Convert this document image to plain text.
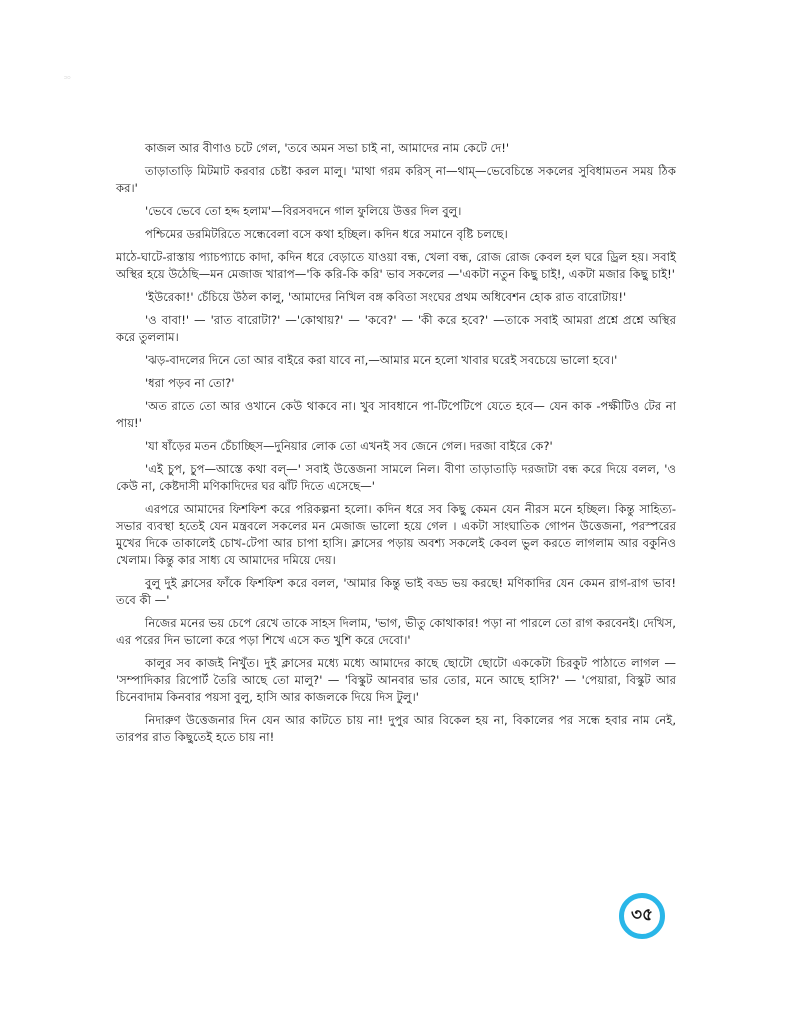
၁၀

কাজল আর বীণাও চটে গেল, 'তবে অমন সভা চাই না, আমাদের নাম কেটে দে!'

তাড়াতাড়ি মিটমাট করবার চেষ্টা করল মালু। 'মাথা গরম করিস্ না—থাম্—ভেবেচিন্তে সকলের সুবিধামতন সময় ঠিক কর।'

'ভেবে ভেবে তো হদ্দ হলাম'—বিরসবদনে গাল ফুলিয়ে উত্তর দিল বুলু।

পশ্চিমের ডরমিটরিতে সন্ধেবেলা বসে কথা হচ্ছিল। কদিন ধরে সমানে বৃষ্টি চলছে।

মাঠে-ঘাটে-রাস্তায় প্যাচপ্যাচে কাদা, কদিন ধরে বেড়াতে যাওয়া বন্ধ, খেলা বন্ধ, রোজ রোজ কেবল হল ঘরে ড্রিল হয়। সবাই অস্থির হয়ে উঠেছি—মন মেজাজ খারাপ—'কি করি-কি করি' ভাব সকলের —'একটা নতুন কিছু চাই!, একটা মজার কিছু চাই!'

'ইউরেকা!' চেঁচিয়ে উঠল কালু, 'আমাদের নিখিল বঙ্গ কবিতা সংঘের প্রথম অধিবেশন হোক রাত বারোটায়!'

'ও বাবা!' — 'রাত বারোটা?' —'কোথায়?' — 'কবে?' — 'কী করে হবে?' —তাকে সবাই আমরা প্রশ্নে প্রশ্নে অস্থির করে তুললাম।

'ঝড়-বাদলের দিনে তো আর বাইরে করা যাবে না,—আমার মনে হলো খাবার ঘরেই সবচেয়ে ভালো হবে।'

'ধরা পড়ব না তো?'

'অত রাতে তো আর ওখানে কেউ থাকবে না। খুব সাবধানে পা-টিপেটিপে যেতে হবে— যেন কাক -পক্ষীটিও টের না পায়!'

'যা ষাঁড়ের মতন চেঁচাচ্ছিস—দুনিয়ার লোক তো এখনই সব জেনে গেল। দরজা বাইরে কে?'

'এই চুপ, চুপ—আস্তে কথা বল্—' সবাই উত্তেজনা সামলে নিল। বীণা তাড়াতাড়ি দরজাটা বন্ধ করে দিয়ে বলল, 'ও কেউ না, কেষ্টদাসী মণিকাদিদের ঘর ঝাঁট দিতে এসেছে—'

এরপরে আমাদের ফিশফিশ করে পরিকল্পনা হলো। কদিন ধরে সব কিছু কেমন যেন নীরস মনে হচ্ছিল। কিন্তু সাহিত্য-সভার ব্যবস্থা হতেই যেন মন্ত্রবলে সকলের মন মেজাজ ভালো হয়ে গেল । একটা সাংঘাতিক গোপন উত্তেজনা, পরস্পরের মুখের দিকে তাকালেই চোখ-টেপা আর চাপা হাসি। ক্লাসের পড়ায় অবশ্য সকলেই কেবল ভুল করতে লাগলাম আর বকুনিও খেলাম। কিন্তু কার সাধ্য যে আমাদের দমিয়ে দেয়।

বুলু দুই ক্লাসের ফাঁকে ফিশফিশ করে বলল, 'আমার কিন্তু ভাই বড্ড ভয় করছে! মণিকাদির যেন কেমন রাগ-রাগ ভাব! তবে কী —'

নিজের মনের ভয় চেপে রেখে তাকে সাহস দিলাম, 'ভাগ, ভীতু কোথাকার! পড়া না পারলে তো রাগ করবেনই। দেখিস, এর পরের দিন ভালো করে পড়া শিখে এসে কত খুশি করে দেবো।'

কালুর সব কাজই নিখুঁত। দুই ক্লাসের মধ্যে মধ্যে আমাদের কাছে ছোটো ছোটো এককেটা চিরকুট পাঠাতে লাগল — 'সম্পাদিকার রিপোর্ট তৈরি আছে তো মালু?' — 'বিস্কুট আনবার ভার তোর, মনে আছে হাসি?' — 'পেয়ারা, বিস্কুট আর চিনেবাদাম কিনবার পয়সা বুলু, হাসি আর কাজলকে দিয়ে দিস টুলু।'

নিদারুণ উত্তেজনার দিন যেন আর কাটতে চায় না! দুপুর আর বিকেল হয় না, বিকালের পর সন্ধে হবার নাম নেই, তারপর রাত কিছুতেই হতে চায় না!

৩৫
